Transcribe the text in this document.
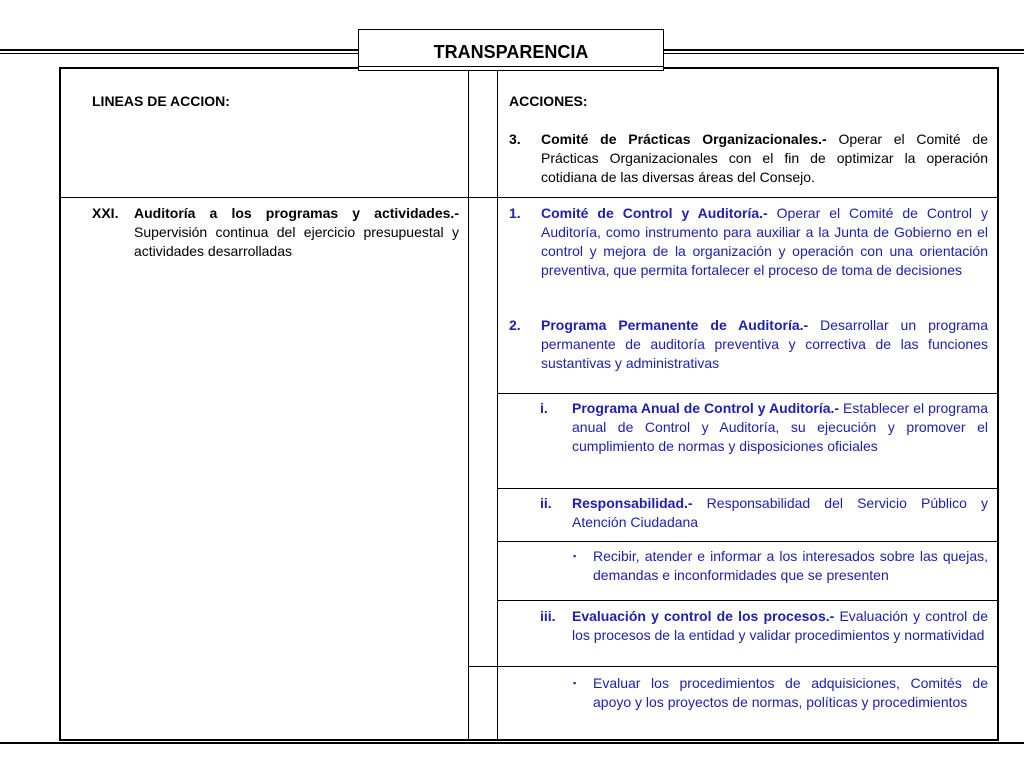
TRANSPARENCIA
LINEAS DE ACCION:	ACCIONES:
3. Comité de Prácticas Organizacionales.- Operar el Comité de Prácticas Organizacionales con el fin de optimizar la operación cotidiana de las diversas áreas del Consejo.
XXI. Auditoría a los programas y actividades.- Supervisión continua del ejercicio presupuestal y actividades desarrolladas
1. Comité de Control y Auditoría.- Operar el Comité de Control y Auditoría, como instrumento para auxiliar a la Junta de Gobierno en el control y mejora de la organización y operación con una orientación preventiva, que permita fortalecer el proceso de toma de decisiones
2. Programa Permanente de Auditoría.- Desarrollar un programa permanente de auditoría preventiva y correctiva de las funciones sustantivas y administrativas
i. Programa Anual de Control y Auditoría.- Establecer el programa anual de Control y Auditoría, su ejecución y promover el cumplimiento de normas y disposiciones oficiales
ii. Responsabilidad.- Responsabilidad del Servicio Público y Atención Ciudadana
▪ Recibir, atender e informar a los interesados sobre las quejas, demandas e inconformidades que se presenten
iii. Evaluación y control de los procesos.- Evaluación y control de los procesos de la entidad y validar procedimientos y normatividad
▪ Evaluar los procedimientos de adquisiciones, Comités de apoyo y los proyectos de normas, políticas y procedimientos
